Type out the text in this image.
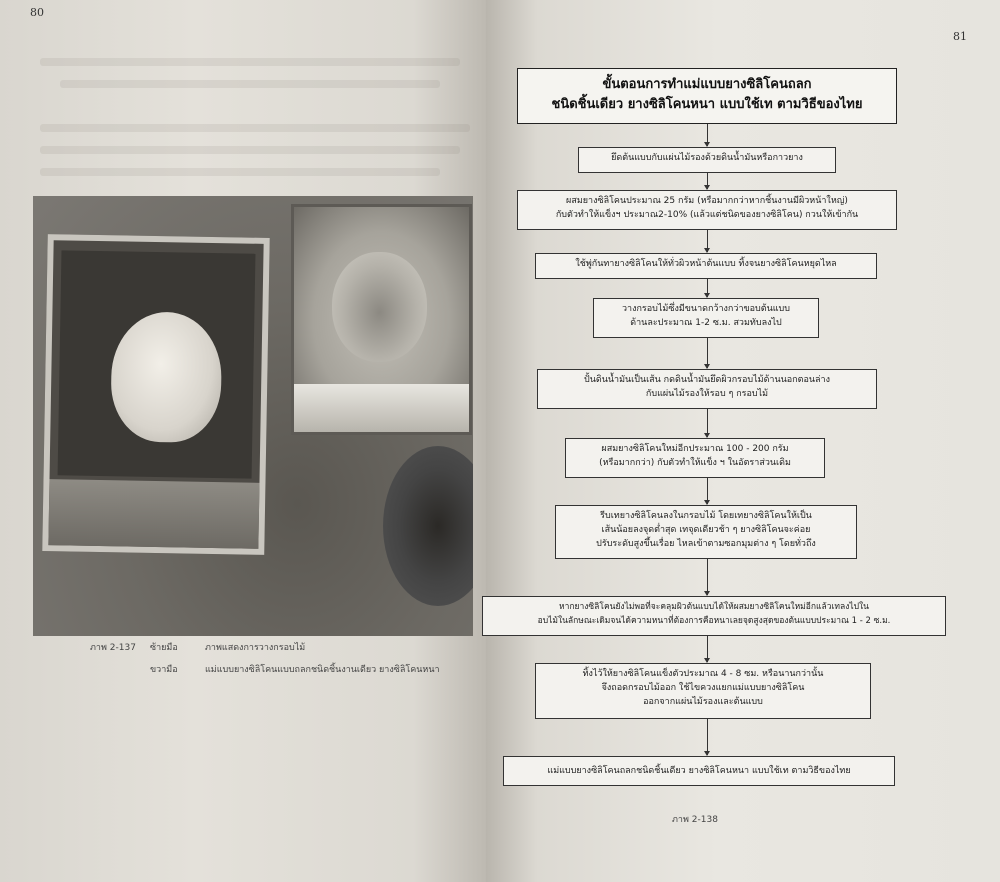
80
ภาพ 2-137 ซ้ายมือ	ภาพแสดงการวางกรอบไม้
ขวามือ	แม่แบบยางซิลิโคนแบบถลกชนิดชิ้นงานเดียว ยางซิลิโคนหนา
81
ขั้นตอนการทำแม่แบบยางซิลิโคนถลก
ชนิดชิ้นเดียว ยางซิลิโคนหนา แบบใช้เท ตามวิธีของไทย
ยึดต้นแบบกับแผ่นไม้รองด้วยดินน้ำมันหรือกาวยาง
ผสมยางซิลิโคนประมาณ 25 กรัม (หรือมากกว่าหากชิ้นงานมีผิวหน้าใหญ่)
กับตัวทำให้แข็งฯ ประมาณ2-10% (แล้วแต่ชนิดของยางซิลิโคน) กวนให้เข้ากัน
ใช้พู่กันทายางซิลิโคนให้ทั่วผิวหน้าต้นแบบ ทิ้งจนยางซิลิโคนหยุดไหล
วางกรอบไม้ซึ่งมีขนาดกว้างกว่าขอบต้นแบบ
ด้านละประมาณ 1-2 ซ.ม. สวมทับลงไป
ปั้นดินน้ำมันเป็นเส้น กดดินน้ำมันยึดผิวกรอบไม้ด้านนอกตอนล่าง
กับแผ่นไม้รองให้รอบ ๆ กรอบไม้
ผสมยางซิลิโคนใหม่อีกประมาณ 100 - 200 กรัม
(หรือมากกว่า) กับตัวทำให้แข็ง ฯ ในอัตราส่วนเดิม
รีบเทยางซิลิโคนลงในกรอบไม้ โดยเทยางซิลิโคนให้เป็น
เส้นน้อยลงจุดต่ำสุด เทจุดเดียวช้า ๆ ยางซิลิโคนจะค่อย
ปรับระดับสูงขึ้นเรื่อย ไหลเข้าตามซอกมุมต่าง ๆ โดยทั่วถึง
หากยางซิลิโคนยังไม่พอที่จะคลุมผิวต้นแบบได้ให้ผสมยางซิลิโคนใหม่อีกแล้วเทลงไปใน
อบไม้ในลักษณะเดิมจนได้ความหนาที่ต้องการคือหนาเลยจุดสูงสุดของต้นแบบประมาณ 1 - 2 ซ.ม.
ทิ้งไว้ให้ยางซิลิโคนแข็งตัวประมาณ 4 - 8 ซม. หรือนานกว่านั้น
จึงถอดกรอบไม้ออก ใช้ไขควงแยกแม่แบบยางซิลิโคน
ออกจากแผ่นไม้รองและต้นแบบ
แม่แบบยางซิลิโคนถลกชนิดชิ้นเดียว ยางซิลิโคนหนา แบบใช้เท ตามวิธีของไทย
ภาพ 2-138
